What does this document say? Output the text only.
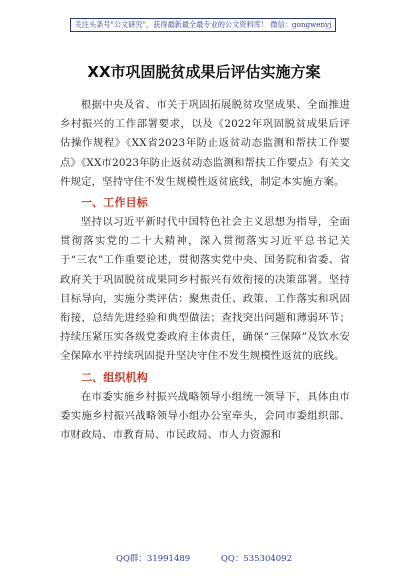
关注头条号"公文研究"，获得最新最全最专业的公文资料库！ 微信：gongwenyj
XX市巩固脱贫成果后评估实施方案

根据中央及省、市关于巩固拓展脱贫攻坚成果、全面推进乡村振兴的工作部署要求，以及《2022年巩固脱贫成果后评估操作规程》《XX省2023年防止返贫动态监测和帮扶工作要点》《XX市2023年防止返贫动态监测和帮扶工作要点》有关文件规定，坚持守住不发生规模性返贫底线，制定本实施方案。

一、工作目标

坚持以习近平新时代中国特色社会主义思想为指导，全面贯彻落实党的二十大精神，深入贯彻落实习近平总书记关于“三农”工作重要论述，贯彻落实党中央、国务院和省委、省政府关于巩固脱贫成果同乡村振兴有效衔接的决策部署。坚持目标导向，实施分类评估：聚焦责任、政策、工作落实和巩固衔接，总结先进经验和典型做法；查找突出问题和薄弱环节；持续压紧压实各级党委政府主体责任，确保“三保障”及饮水安全保障水平持续巩固提升坚决守住不发生规模性返贫的底线。

二、组织机构

在市委实施乡村振兴战略领导小组统一领导下，具体由市委实施乡村振兴战略领导小组办公室牵头，会同市委组织部、市财政局、市教育局、市民政局、市人力资源和

QQ群：31991489	QQ：535304092
